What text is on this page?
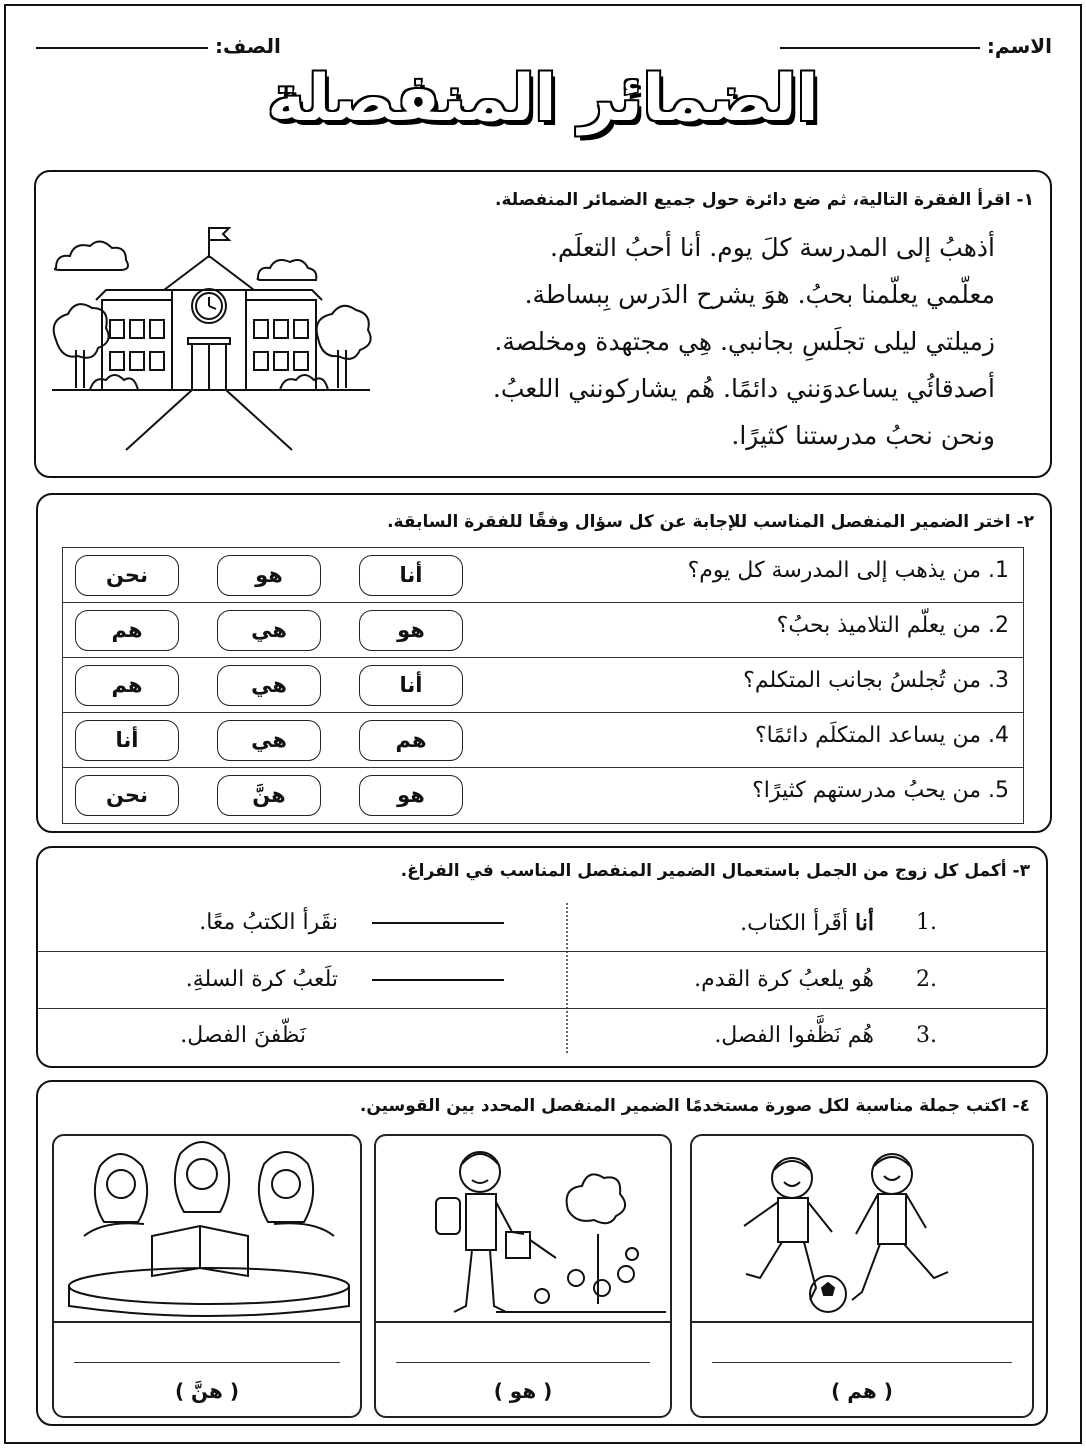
الاسم:
الصف:
الضمائر المنفصلة
١- اقرأ الفقرة التالية، ثم ضع دائرة حول جميع الضمائر المنفصلة.
أذهبُ إلى المدرسة كلَ يوم. أنا أحبُ التعلَم.
معلّمي يعلّمنا بحبُ. هوَ يشرح الدَرس بِبساطة.
زميلتي ليلى تجلَسِ بجانبي. هِي مجتهدة ومخلصة.
أصدقائُي يساعدوَنني دائمًا. هُم يشاركونني اللعبُ.
ونحن نحبُ مدرستنا كثيرًا.
٢- اختر الضمير المنفصل المناسب للإجابة عن كل سؤال وفقًا للفقرة السابقة.
1. من يذهب إلى المدرسة كل يوم؟
أنا
هو
نحن
2. من يعلّم التلاميذ بحبُ؟
هو
هي
هم
3. من تُجلسُ بجانب المتكلم؟
أنا
هي
هم
4. من يساعد المتكلَم دائمًا؟
هم
هي
أنا
5. من يحبُ مدرستهم كثيرًا؟
هو
هنَّ
نحن
٣- أكمل كل زوج من الجمل باستعمال الضمير المنفصل المناسب في الفراغ.
1.
أنا أقَرأ الكتاب.
نقَرأ الكتبُ معًا.
2.
هُو يلعبُ كرة القدم.
تلَعبُ كرة السلةِ.
3.
هُم نَظَّفوا الفصل.
نَظّفنَ الفصل.
٤- اكتب جملة مناسبة لكل صورة مستخدمًا الضمير المنفصل المحدد بين القوسين.
( هم )
( هو )
( هنَّ )
